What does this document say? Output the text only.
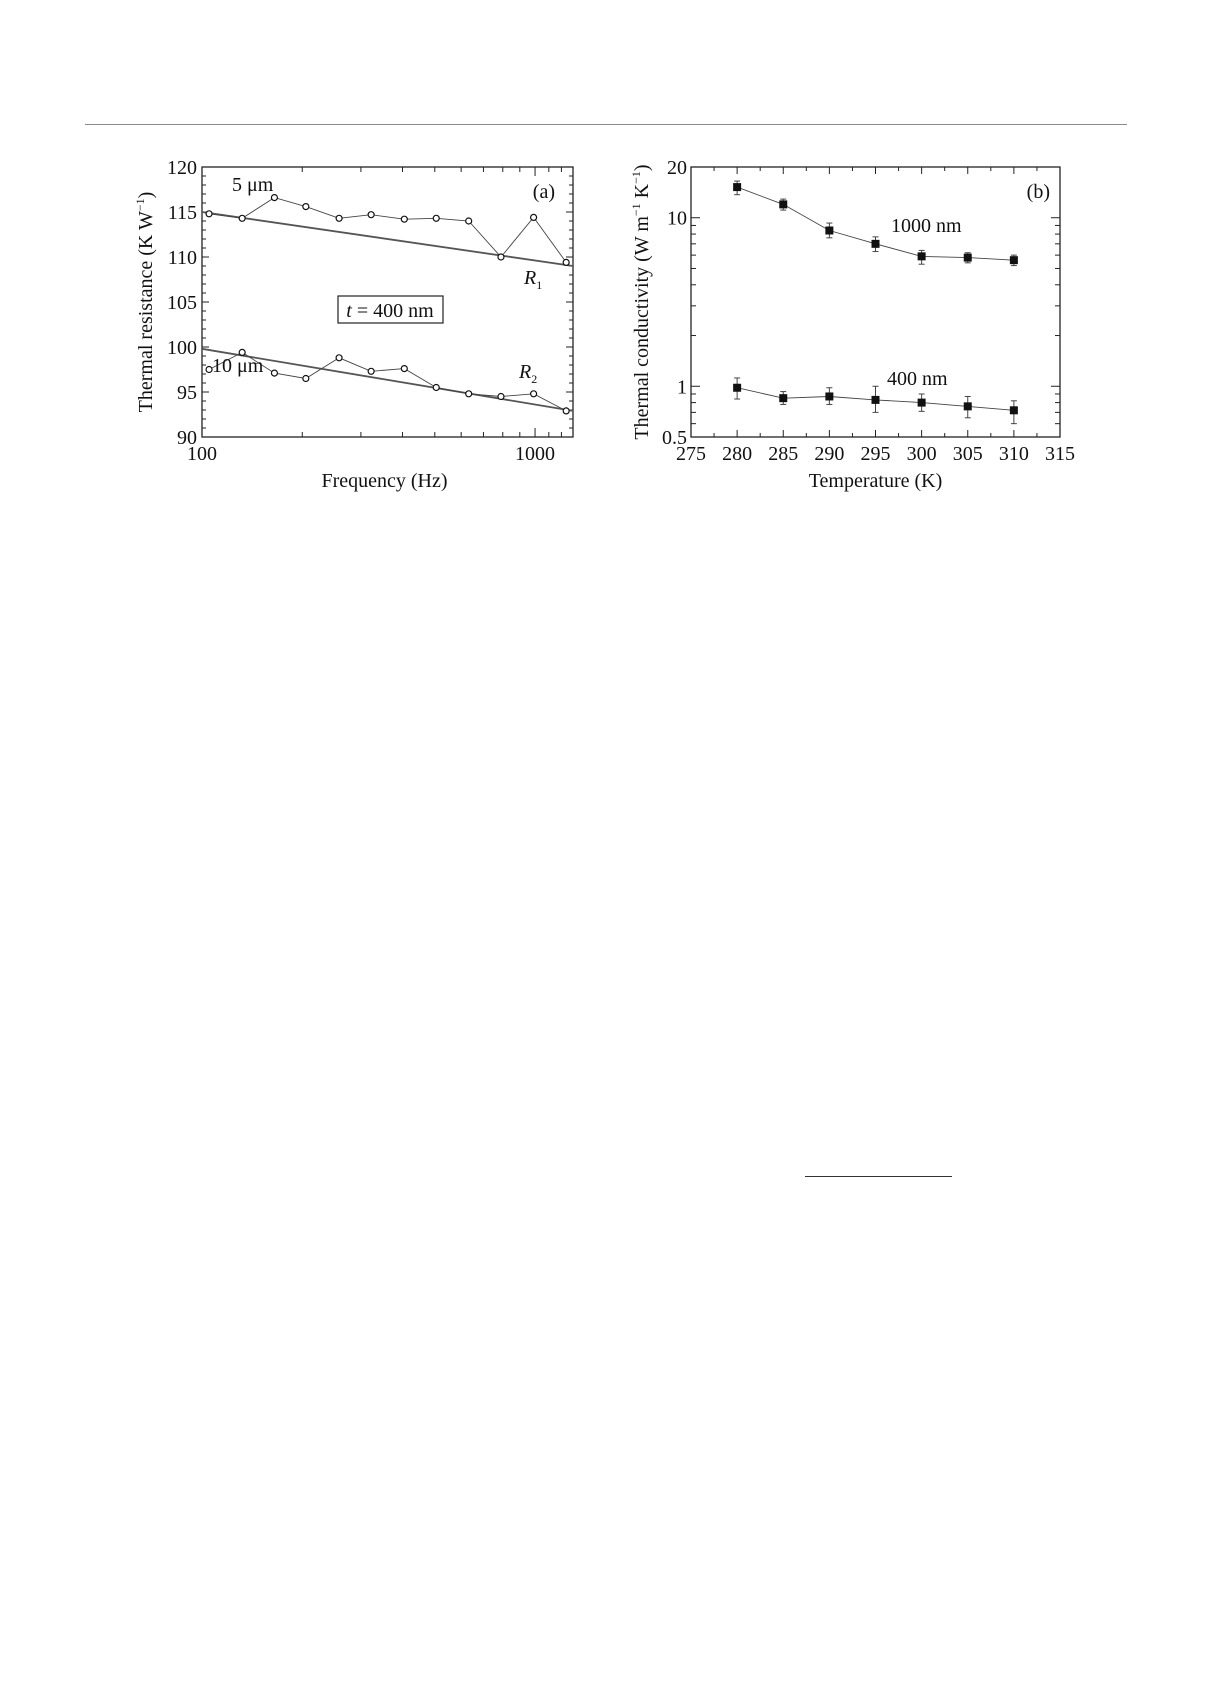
90
95
100
105
110
115
120
100	1000
Frequency (Hz)
Thermal resistance (K $W^{-1}$)	(a)
5 μm
$R_1$
10 μm	$R_2$
t = 400 nm
275 280 285 290 295 300 305 310 315
0.5
1
10
20
Temperature (K)
Thermal conductivity (W $m^{-1}$ $K^{-1}$)
(b)
1000 nm
400 nm
